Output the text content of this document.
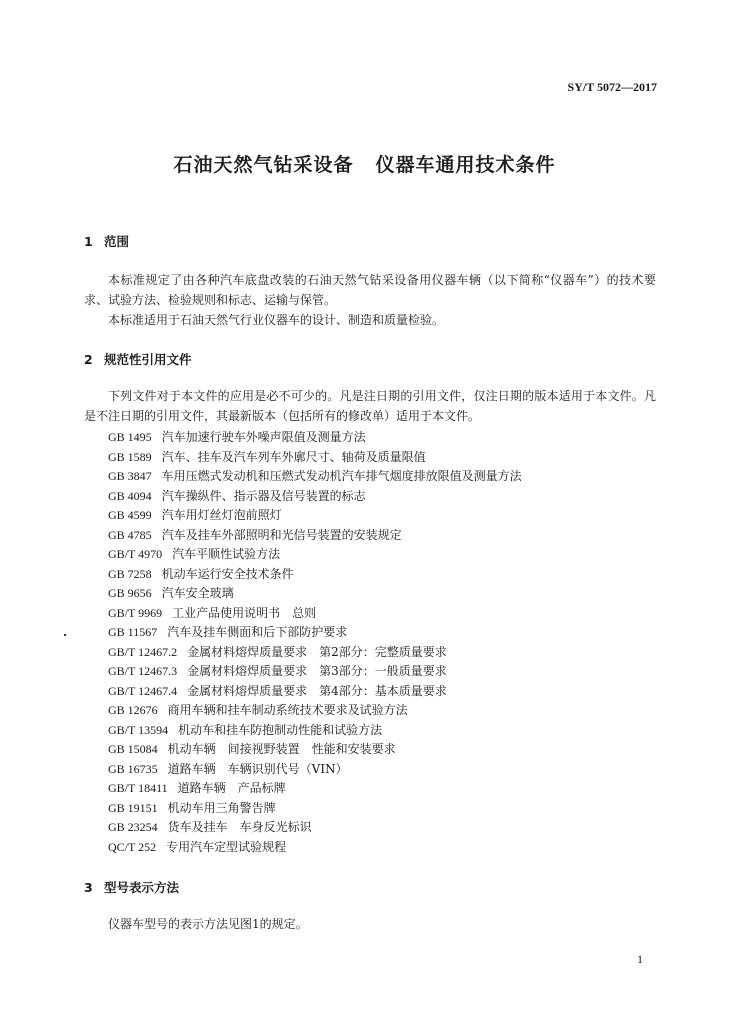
SY/T 5072—2017
石油天然气钻采设备 仪器车通用技术条件
1 范围

本标准规定了由各种汽车底盘改装的石油天然气钻采设备用仪器车辆（以下简称“仪器车”）的技术要求、试验方法、检验规则和标志、运输与保管。

本标准适用于石油天然气行业仪器车的设计、制造和质量检验。

2 规范性引用文件

下列文件对于本文件的应用是必不可少的。凡是注日期的引用文件，仅注日期的版本适用于本文件。凡是不注日期的引用文件，其最新版本（包括所有的修改单）适用于本文件。

GB 1495 汽车加速行驶车外噪声限值及测量方法
GB 1589 汽车、挂车及汽车列车外廓尺寸、轴荷及质量限值
GB 3847 车用压燃式发动机和压燃式发动机汽车排气烟度排放限值及测量方法
GB 4094 汽车操纵件、指示器及信号装置的标志
GB 4599 汽车用灯丝灯泡前照灯
GB 4785 汽车及挂车外部照明和光信号装置的安装规定
GB/T 4970 汽车平顺性试验方法
GB 7258 机动车运行安全技术条件
GB 9656 汽车安全玻璃
GB/T 9969 工业产品使用说明书　总则
GB 11567 汽车及挂车侧面和后下部防护要求
GB/T 12467.2 金属材料熔焊质量要求　第2部分：完整质量要求
GB/T 12467.3 金属材料熔焊质量要求　第3部分：一般质量要求
GB/T 12467.4 金属材料熔焊质量要求　第4部分：基本质量要求
GB 12676 商用车辆和挂车制动系统技术要求及试验方法
GB/T 13594 机动车和挂车防抱制动性能和试验方法
GB 15084 机动车辆　间接视野装置　性能和安装要求
GB 16735 道路车辆　车辆识别代号（VIN）
GB/T 18411 道路车辆　产品标牌
GB 19151 机动车用三角警告牌
GB 23254 货车及挂车　车身反光标识
QC/T 252 专用汽车定型试验规程
3 型号表示方法

仪器车型号的表示方法见图1的规定。

1
